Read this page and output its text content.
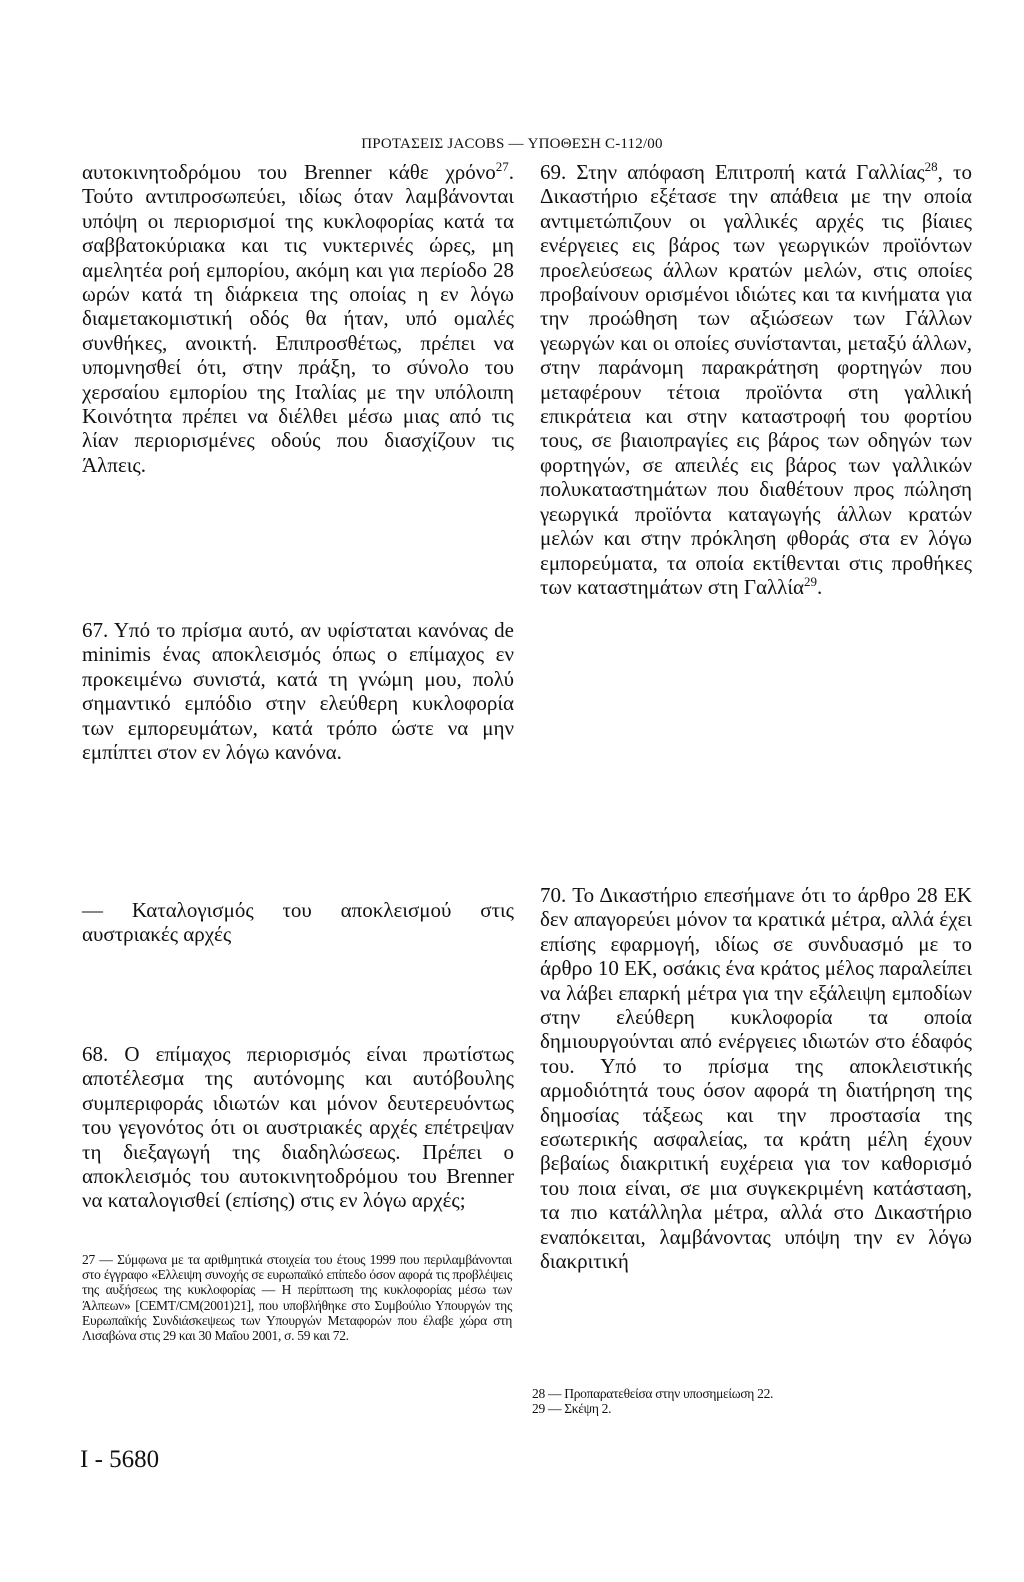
ΠΡΟΤΑΣΕΙΣ JACOBS — ΥΠΟΘΕΣΗ C-112/00

αυτοκινητοδρόμου του Brenner κάθε χρόνο$^{27}$. Τούτο αντιπροσωπεύει, ιδίως όταν λαμβάνονται υπόψη οι περιορισμοί της κυκλοφορίας κατά τα σαββατοκύριακα και τις νυκτερινές ώρες, μη αμελητέα ροή εμπορίου, ακόμη και για περίοδο 28 ωρών κατά τη διάρκεια της οποίας η εν λόγω διαμετακομιστική οδός θα ήταν, υπό ομαλές συνθήκες, ανοικτή. Επιπροσθέτως, πρέπει να υπομνησθεί ότι, στην πράξη, το σύνολο του χερσαίου εμπορίου της Ιταλίας με την υπόλοιπη Κοινότητα πρέπει να διέλθει μέσω μιας από τις λίαν περιορισμένες οδούς που διασχίζουν τις Άλπεις.

67. Υπό το πρίσμα αυτό, αν υφίσταται κανόνας de minimis ένας αποκλεισμός όπως ο επίμαχος εν προκειμένω συνιστά, κατά τη γνώμη μου, πολύ σημαντικό εμπόδιο στην ελεύθερη κυκλοφορία των εμπορευμάτων, κατά τρόπο ώστε να μην εμπίπτει στον εν λόγω κανόνα.

— Καταλογισμός του αποκλεισμού στις αυστριακές αρχές

68. Ο επίμαχος περιορισμός είναι πρωτίστως αποτέλεσμα της αυτόνομης και αυτόβουλης συμπεριφοράς ιδιωτών και μόνον δευτερευόντως του γεγονότος ότι οι αυστριακές αρχές επέτρεψαν τη διεξαγωγή της διαδηλώσεως. Πρέπει ο αποκλεισμός του αυτοκινητοδρόμου του Brenner να καταλογισθεί (επίσης) στις εν λόγω αρχές;

69. Στην απόφαση Επιτροπή κατά Γαλλίας$^{28}$, το Δικαστήριο εξέτασε την απάθεια με την οποία αντιμετώπιζουν οι γαλλικές αρχές τις βίαιες ενέργειες εις βάρος των γεωργικών προϊόντων προελεύσεως άλλων κρατών μελών, στις οποίες προβαίνουν ορισμένοι ιδιώτες και τα κινήματα για την προώθηση των αξιώσεων των Γάλλων γεωργών και οι οποίες συνίστανται, μεταξύ άλλων, στην παράνομη παρακράτηση φορτηγών που μεταφέρουν τέτοια προϊόντα στη γαλλική επικράτεια και στην καταστροφή του φορτίου τους, σε βιαιοπραγίες εις βάρος των οδηγών των φορτηγών, σε απειλές εις βάρος των γαλλικών πολυκαταστημάτων που διαθέτουν προς πώληση γεωργικά προϊόντα καταγωγής άλλων κρατών μελών και στην πρόκληση φθοράς στα εν λόγω εμπορεύματα, τα οποία εκτίθενται στις προθήκες των καταστημάτων στη Γαλλία$^{29}$.

70. Το Δικαστήριο επεσήμανε ότι το άρθρο 28 ΕΚ δεν απαγορεύει μόνον τα κρατικά μέτρα, αλλά έχει επίσης εφαρμογή, ιδίως σε συνδυασμό με το άρθρο 10 ΕΚ, οσάκις ένα κράτος μέλος παραλείπει να λάβει επαρκή μέτρα για την εξάλειψη εμποδίων στην ελεύθερη κυκλοφορία τα οποία δημιουργούνται από ενέργειες ιδιωτών στο έδαφός του. Υπό το πρίσμα της αποκλειστικής αρμοδιότητά τους όσον αφορά τη διατήρηση της δημοσίας τάξεως και την προστασία της εσωτερικής ασφαλείας, τα κράτη μέλη έχουν βεβαίως διακριτική ευχέρεια για τον καθορισμό του ποια είναι, σε μια συγκεκριμένη κατάσταση, τα πιο κατάλληλα μέτρα, αλλά στο Δικαστήριο εναπόκειται, λαμβάνοντας υπόψη την εν λόγω διακριτική

27 — Σύμφωνα με τα αριθμητικά στοιχεία του έτους 1999 που περιλαμβάνονται στο έγγραφο «Ελλειψη συνοχής σε ευρωπαϊκό επίπεδο όσον αφορά τις προβλέψεις της αυξήσεως της κυκλοφορίας — Η περίπτωση της κυκλοφορίας μέσω των Άλπεων» [CEMT/CM(2001)21], που υποβλήθηκε στο Συμβούλιο Υπουργών της Ευρωπαϊκής Συνδιάσκεψεως των Υπουργών Μεταφορών που έλαβε χώρα στη Λισαβώνα στις 29 και 30 Μαΐου 2001, σ. 59 και 72.

28 — Προπαρατεθείσα στην υποσημείωση 22.

29 — Σκέψη 2.

I - 5680
